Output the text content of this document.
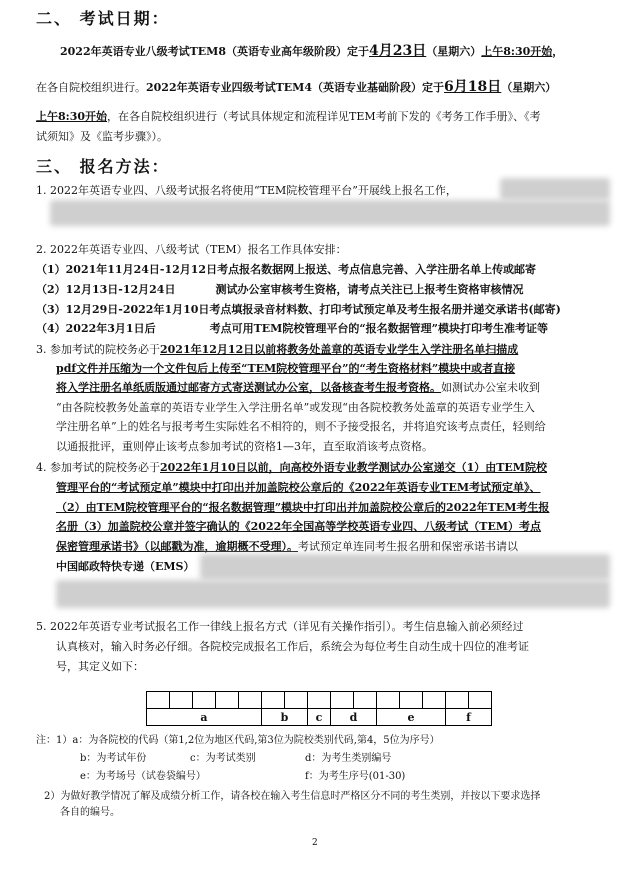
二、 考试日期：
2022年英语专业八级考试TEM8（英语专业高年级阶段）定于4月23日（星期六）上午8:30开始，
在各自院校组织进行。2022年英语专业四级考试TEM4（英语专业基础阶段）定于6月18日（星期六）
上午8:30开始，在各自院校组织进行（考试具体规定和流程详见TEM考前下发的《考务工作手册》、《考
试须知》及《监考步骤》）。
三、 报名方法：
1. 2022年英语专业四、八级考试报名将使用“TEM院校管理平台”开展线上报名工作，
2. 2022年英语专业四、八级考试（TEM）报名工作具体安排：
（1）2021年11月24日-12月12日考点报名数据网上报送、考点信息完善、入学注册名单上传或邮寄
（2）12月13日-12月24日	测试办公室审核考生资格，请考点关注已上报考生资格审核情况
（3）12月29日-2022年1月10日考点填报录音材料数、打印考试预定单及考生报名册并递交承诺书(邮寄)
（4）2022年3月1日后	考点可用TEM院校管理平台的“报名数据管理”模块打印考生准考证等
3. 参加考试的院校务必于2021年12月12日以前将教务处盖章的英语专业学生入学注册名单扫描成
pdf文件并压缩为一个文件包后上传至“TEM院校管理平台”的“考生资格材料”模块中或者直接
将入学注册名单纸质版通过邮寄方式寄送测试办公室，以备核查考生报考资格。如测试办公室未收到
“由各院校教务处盖章的英语专业学生入学注册名单”或发现“由各院校教务处盖章的英语专业学生入
学注册名单”上的姓名与报考考生实际姓名不相符的，则不予接受报名，并将追究该考点责任，轻则给
以通报批评，重则停止该考点参加考试的资格1—3年，直至取消该考点资格。
4. 参加考试的院校务必于2022年1月10日以前，向高校外语专业教学测试办公室递交（1）由TEM院校
管理平台的“考试预定单”模块中打印出并加盖院校公章后的《2022年英语专业TEM考试预定单》、
（2）由TEM院校管理平台的“报名数据管理”模块中打印出并加盖院校公章后的2022年TEM考生报
名册（3）加盖院校公章并签字确认的《2022年全国高等学校英语专业四、八级考试（TEM）考点
保密管理承诺书》（以邮戳为准，逾期概不受理）。考试预定单连同考生报名册和保密承诺书请以
中国邮政特快专递（EMS）
5. 2022年英语专业考试报名工作一律线上报名方式（详见有关操作指引）。考生信息输入前必须经过
认真核对，输入时务必仔细。各院校完成报名工作后，系统会为每位考生自动生成十四位的准考证
号，其定义如下：

a					b		c	d		e			f	
注：1）a：为各院校的代码（第1,2位为地区代码,第3位为院校类别代码,第4，5位为序号）
b：为考试年份	c：为考试类别	d：为考生类别编号
e：为考场号（试卷袋编号）	f：为考生序号(01-30)
2）为做好教学情况了解及成绩分析工作，请各校在输入考生信息时严格区分不同的考生类别，并按以下要求选择
各自的编号。
2
